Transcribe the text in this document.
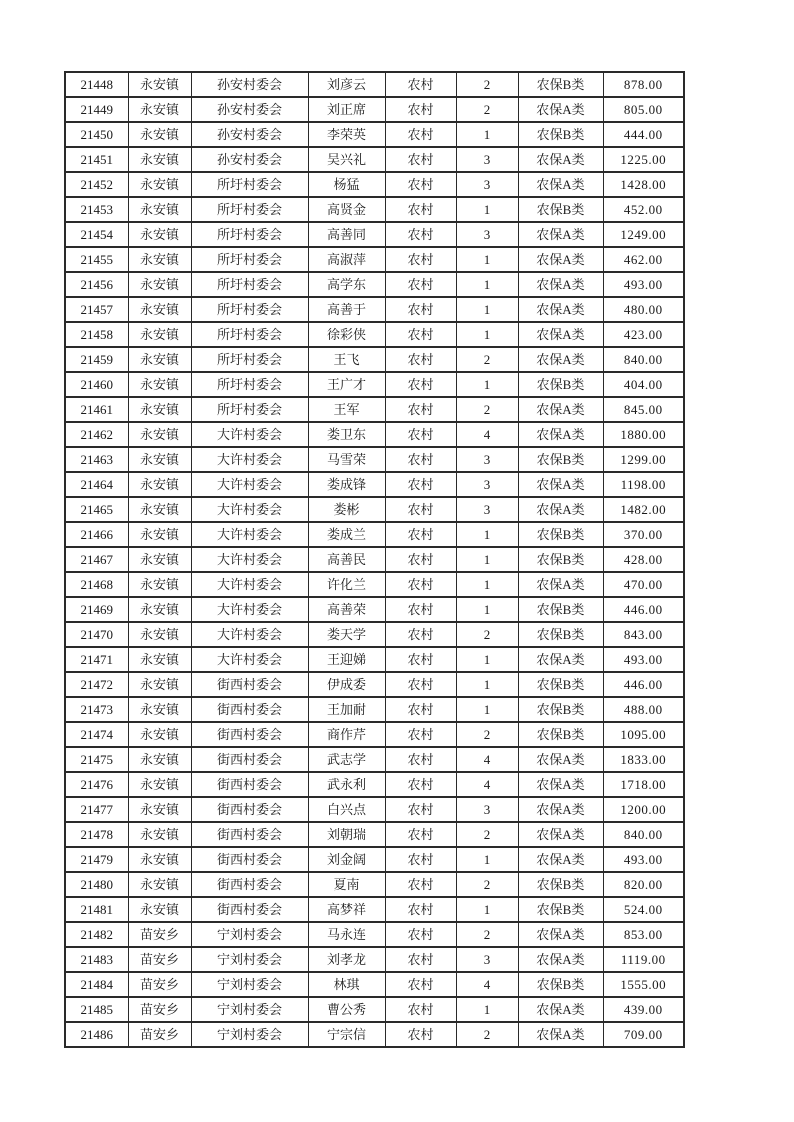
21448	永安镇	孙安村委会	刘彦云	农村	2	农保B类	878.00
21449	永安镇	孙安村委会	刘正席	农村	2	农保A类	805.00
21450	永安镇	孙安村委会	李荣英	农村	1	农保B类	444.00
21451	永安镇	孙安村委会	吴兴礼	农村	3	农保A类	1225.00
21452	永安镇	所圩村委会	杨猛	农村	3	农保A类	1428.00
21453	永安镇	所圩村委会	高贤金	农村	1	农保B类	452.00
21454	永安镇	所圩村委会	高善同	农村	3	农保A类	1249.00
21455	永安镇	所圩村委会	高淑萍	农村	1	农保A类	462.00
21456	永安镇	所圩村委会	高学东	农村	1	农保A类	493.00
21457	永安镇	所圩村委会	高善于	农村	1	农保A类	480.00
21458	永安镇	所圩村委会	徐彩侠	农村	1	农保A类	423.00
21459	永安镇	所圩村委会	王飞	农村	2	农保A类	840.00
21460	永安镇	所圩村委会	王广才	农村	1	农保B类	404.00
21461	永安镇	所圩村委会	王军	农村	2	农保A类	845.00
21462	永安镇	大许村委会	娄卫东	农村	4	农保A类	1880.00
21463	永安镇	大许村委会	马雪荣	农村	3	农保B类	1299.00
21464	永安镇	大许村委会	娄成锋	农村	3	农保A类	1198.00
21465	永安镇	大许村委会	娄彬	农村	3	农保A类	1482.00
21466	永安镇	大许村委会	娄成兰	农村	1	农保B类	370.00
21467	永安镇	大许村委会	高善民	农村	1	农保B类	428.00
21468	永安镇	大许村委会	许化兰	农村	1	农保A类	470.00
21469	永安镇	大许村委会	高善荣	农村	1	农保B类	446.00
21470	永安镇	大许村委会	娄天学	农村	2	农保B类	843.00
21471	永安镇	大许村委会	王迎娣	农村	1	农保A类	493.00
21472	永安镇	街西村委会	伊成委	农村	1	农保B类	446.00
21473	永安镇	街西村委会	王加耐	农村	1	农保B类	488.00
21474	永安镇	街西村委会	商作芹	农村	2	农保B类	1095.00
21475	永安镇	街西村委会	武志学	农村	4	农保A类	1833.00
21476	永安镇	街西村委会	武永利	农村	4	农保A类	1718.00
21477	永安镇	街西村委会	白兴点	农村	3	农保A类	1200.00
21478	永安镇	街西村委会	刘朝瑞	农村	2	农保A类	840.00
21479	永安镇	街西村委会	刘金阔	农村	1	农保A类	493.00
21480	永安镇	街西村委会	夏南	农村	2	农保B类	820.00
21481	永安镇	街西村委会	高梦祥	农村	1	农保B类	524.00
21482	苗安乡	宁刘村委会	马永连	农村	2	农保A类	853.00
21483	苗安乡	宁刘村委会	刘孝龙	农村	3	农保A类	1119.00
21484	苗安乡	宁刘村委会	林琪	农村	4	农保B类	1555.00
21485	苗安乡	宁刘村委会	曹公秀	农村	1	农保A类	439.00
21486	苗安乡	宁刘村委会	宁宗信	农村	2	农保A类	709.00
